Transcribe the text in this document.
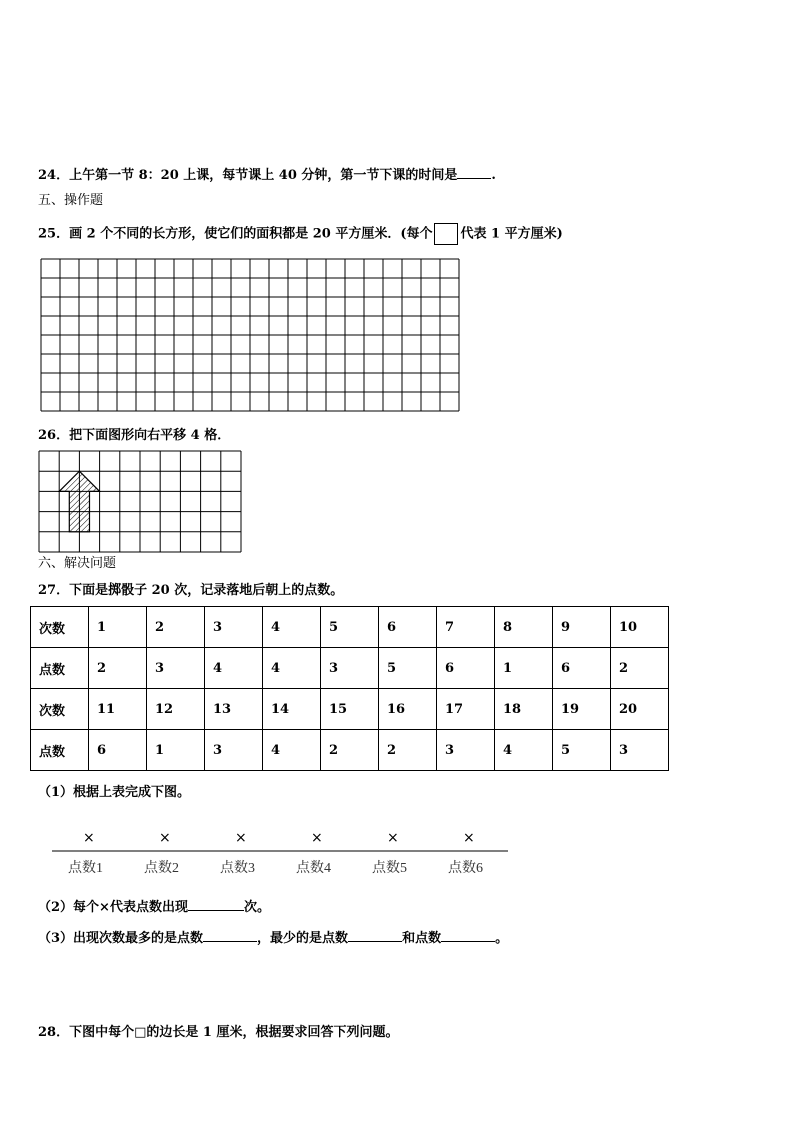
24．上午第一节 8：20 上课，每节课上 40 分钟，第一节下课的时间是	.
五、操作题
25．画 2 个不同的长方形，使它们的面积都是 20 平方厘米．(每个 代表 1 平方厘米)
26．把下面图形向右平移 4 格．
六、解决问题
27．下面是掷骰子 20 次，记录落地后朝上的点数。
次数	1	2	3	4	5	6	7	8	9	10
点数	2	3	4	4	3	5	6	1	6	2
次数	11	12	13	14	15	16	17	18	19	20
点数	6	1	3	4	2	2	3	4	5	3
（1）根据上表完成下图。
×
点数1
×
点数2
×
点数3
×
点数4
×
点数5
×
点数6
（2）每个×代表点数出现	次。
（3）出现次数最多的是点数	，最少的是点数	和点数	。
28．下图中每个□的边长是 1 厘米，根据要求回答下列问题。
